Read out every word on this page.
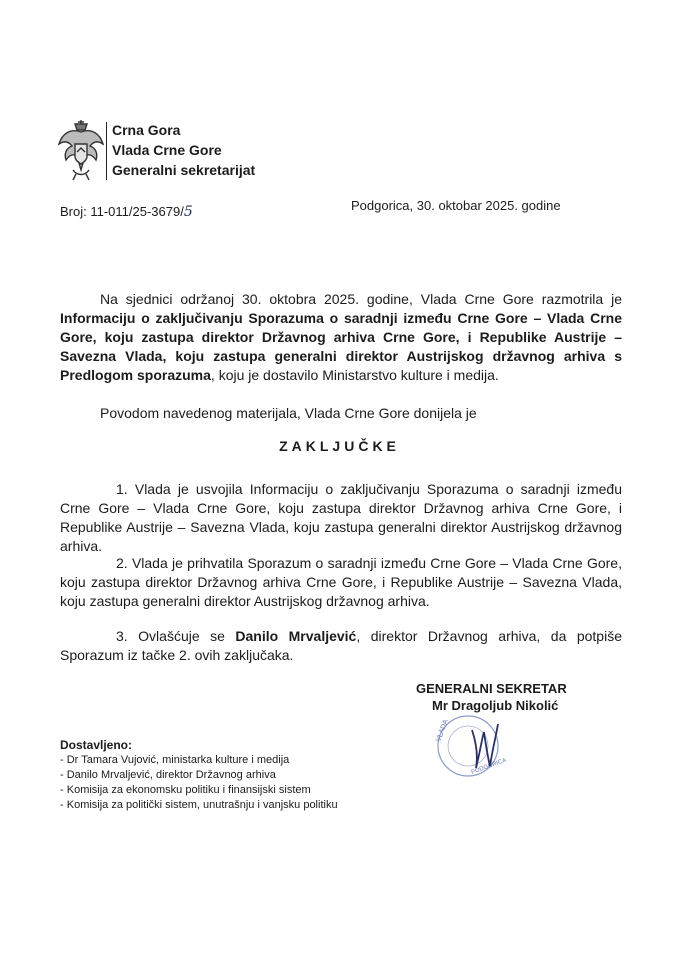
Crna Gora
Vlada Crne Gore
Generalni sekretarijat
Broj: 11-011/25-3679/5	Podgorica, 30. oktobar 2025. godine
Na sjednici održanoj 30. oktobra 2025. godine, Vlada Crne Gore razmotrila je Informaciju o zaključivanju Sporazuma o saradnji između Crne Gore – Vlada Crne Gore, koju zastupa direktor Državnog arhiva Crne Gore, i Republike Austrije – Savezna Vlada, koju zastupa generalni direktor Austrijskog državnog arhiva s Predlogom sporazuma, koju je dostavilo Ministarstvo kulture i medija.
Povodom navedenog materijala, Vlada Crne Gore donijela je
ZAKLJUČKE
1. Vlada je usvojila Informaciju o zaključivanju Sporazuma o saradnji između Crne Gore – Vlada Crne Gore, koju zastupa direktor Državnog arhiva Crne Gore, i Republike Austrije – Savezna Vlada, koju zastupa generalni direktor Austrijskog državnog arhiva.
2. Vlada je prihvatila Sporazum o saradnji između Crne Gore – Vlada Crne Gore, koju zastupa direktor Državnog arhiva Crne Gore, i Republike Austrije – Savezna Vlada, koju zastupa generalni direktor Austrijskog državnog arhiva.
3. Ovlašćuje se Danilo Mrvaljević, direktor Državnog arhiva, da potpiše Sporazum iz tačke 2. ovih zaključaka.
GENERALNI SEKRETAR
Mr Dragoljub Nikolić
VLADA
PODGORICA
Dostavljeno:
- Dr Tamara Vujović, ministarka kulture i medija
- Danilo Mrvaljević, direktor Državnog arhiva
- Komisija za ekonomsku politiku i finansijski sistem
- Komisija za politički sistem, unutrašnju i vanjsku politiku
